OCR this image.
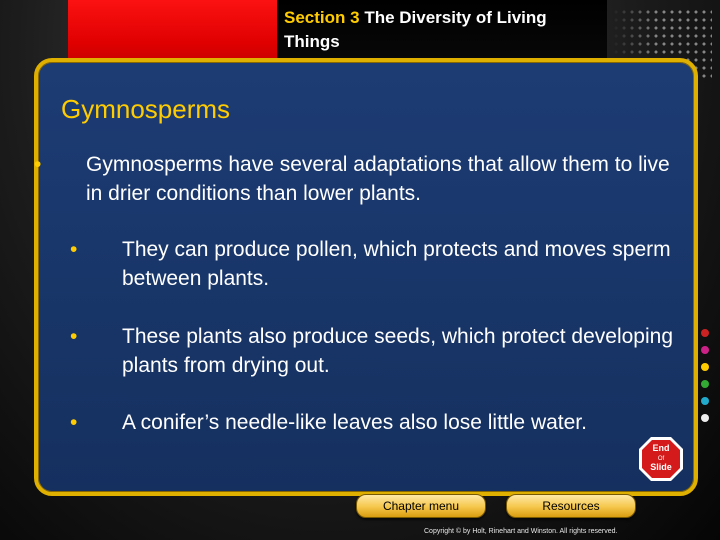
Section 3 The Diversity of Living Things
Gymnosperms
• Gymnosperms have several adaptations that allow them to live in drier conditions than lower plants.
• They can produce pollen, which protects and moves sperm between plants.
• These plants also produce seeds, which protect developing plants from drying out.
• A conifer’s needle-like leaves also lose little water.
End
Of
Slide
Chapter menu	Resources
Copyright © by Holt, Rinehart and Winston. All rights reserved.
